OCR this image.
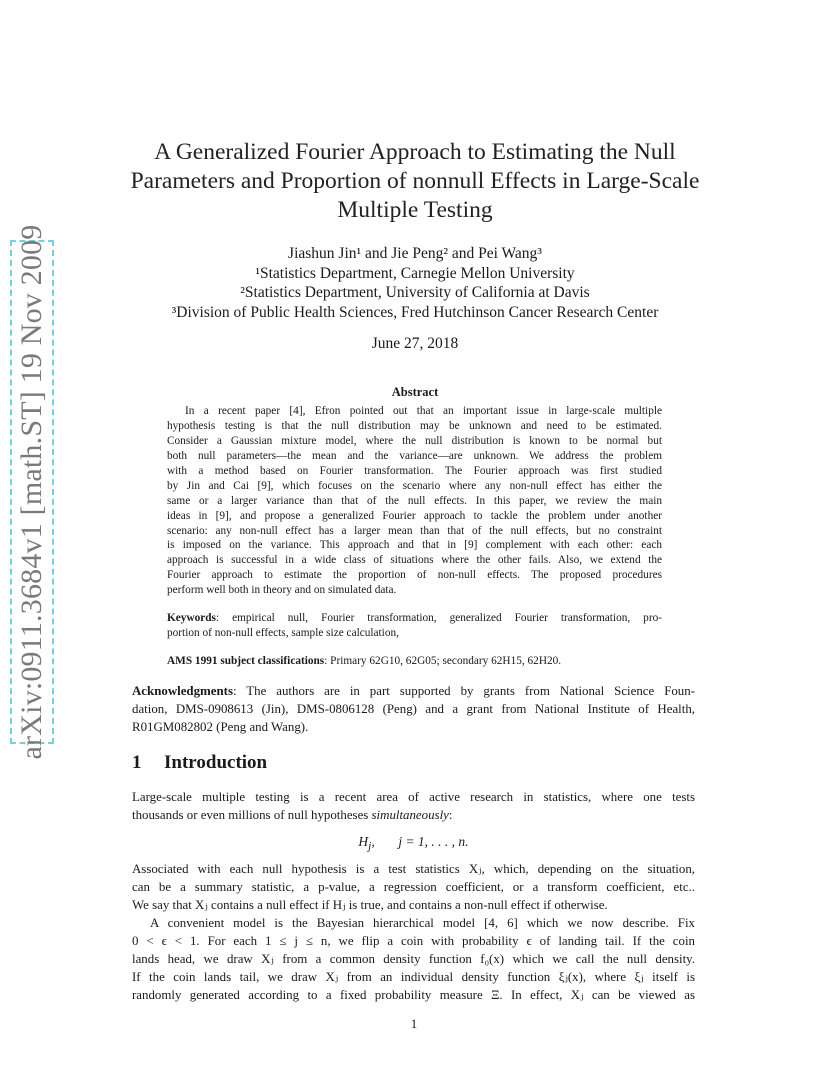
arXiv:0911.3684v1 [math.ST] 19 Nov 2009
A Generalized Fourier Approach to Estimating the Null
Parameters and Proportion of nonnull Effects in Large-Scale
Multiple Testing
Jiashun Jin¹ and Jie Peng² and Pei Wang³
¹Statistics Department, Carnegie Mellon University
²Statistics Department, University of California at Davis
³Division of Public Health Sciences, Fred Hutchinson Cancer Research Center
June 27, 2018
Abstract
In a recent paper [4], Efron pointed out that an important issue in large-scale multiple
hypothesis testing is that the null distribution may be unknown and need to be estimated.
Consider a Gaussian mixture model, where the null distribution is known to be normal but
both null parameters—the mean and the variance—are unknown. We address the problem
with a method based on Fourier transformation. The Fourier approach was first studied
by Jin and Cai [9], which focuses on the scenario where any non-null effect has either the
same or a larger variance than that of the null effects. In this paper, we review the main
ideas in [9], and propose a generalized Fourier approach to tackle the problem under another
scenario: any non-null effect has a larger mean than that of the null effects, but no constraint
is imposed on the variance. This approach and that in [9] complement with each other: each
approach is successful in a wide class of situations where the other fails. Also, we extend the
Fourier approach to estimate the proportion of non-null effects. The proposed procedures
perform well both in theory and on simulated data.
Keywords: empirical null, Fourier transformation, generalized Fourier transformation, pro-
portion of non-null effects, sample size calculation,
AMS 1991 subject classifications: Primary 62G10, 62G05; secondary 62H15, 62H20.
Acknowledgments: The authors are in part supported by grants from National Science Foun-
dation, DMS-0908613 (Jin), DMS-0806128 (Peng) and a grant from National Institute of Health,
R01GM082802 (Peng and Wang).
1 Introduction
Large-scale multiple testing is a recent area of active research in statistics, where one tests
thousands or even millions of null hypotheses simultaneously:
$H_j$,       j = 1, . . . , n.
Associated with each null hypothesis is a test statistics Xⱼ, which, depending on the situation,
can be a summary statistic, a p-value, a regression coefficient, or a transform coefficient, etc..
We say that Xⱼ contains a null effect if Hⱼ is true, and contains a non-null effect if otherwise.
A convenient model is the Bayesian hierarchical model [4, 6] which we now describe. Fix
0 < ϵ < 1. For each 1 ≤ j ≤ n, we flip a coin with probability ϵ of landing tail. If the coin
lands head, we draw Xⱼ from a common density function f₀(x) which we call the null density.
If the coin lands tail, we draw Xⱼ from an individual density function ξⱼ(x), where ξⱼ itself is
randomly generated according to a fixed probability measure Ξ. In effect, Xⱼ can be viewed as
1
